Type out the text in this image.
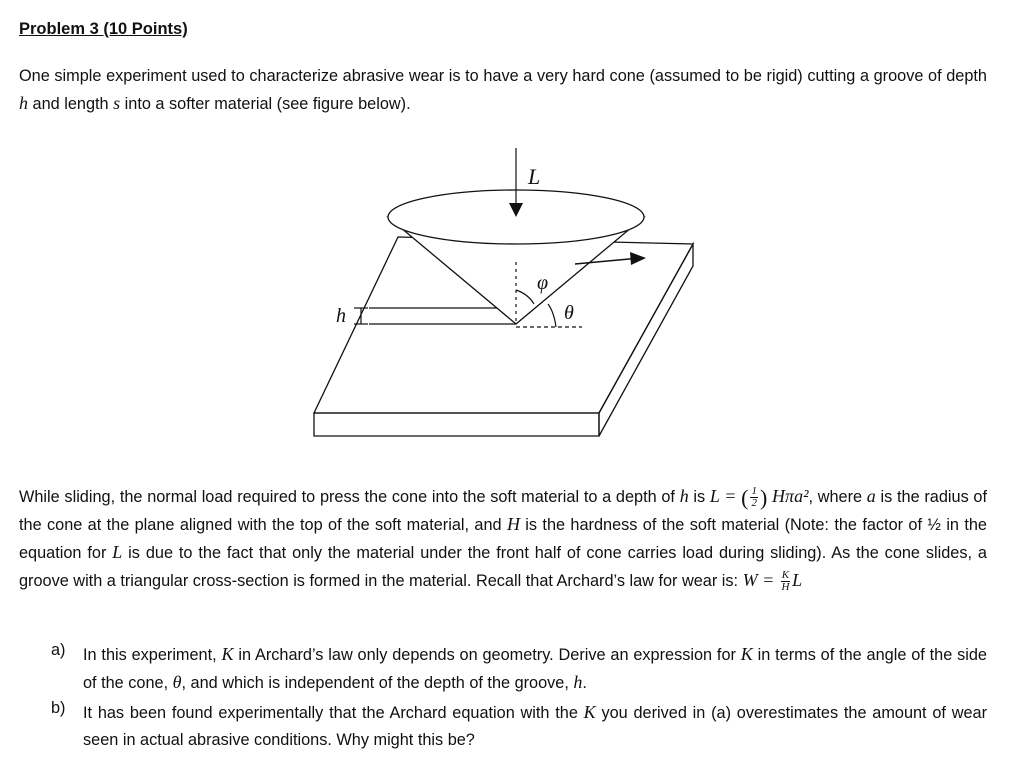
Problem 3 (10 Points)
One simple experiment used to characterize abrasive wear is to have a very hard cone (assumed to be rigid) cutting a groove of depth h and length s into a softer material (see figure below).
L
φ
θ
h
While sliding, the normal load required to press the cone into the soft material to a depth of h is L = ( $\frac{1}{2}$ ) Hπa², where a is the radius of the cone at the plane aligned with the top of the soft material, and H is the hardness of the soft material (Note: the factor of ½ in the equation for L is due to the fact that only the material under the front half of cone carries load during sliding). As the cone slides, a groove with a triangular cross-section is formed in the material. Recall that Archard’s law for wear is: $W = \frac{K}{H}$ L
a) In this experiment, K in Archard’s law only depends on geometry. Derive an expression for K in terms of the angle of the side of the cone, θ, and which is independent of the depth of the groove, h.
b) It has been found experimentally that the Archard equation with the K you derived in (a) overestimates the amount of wear seen in actual abrasive conditions. Why might this be?
